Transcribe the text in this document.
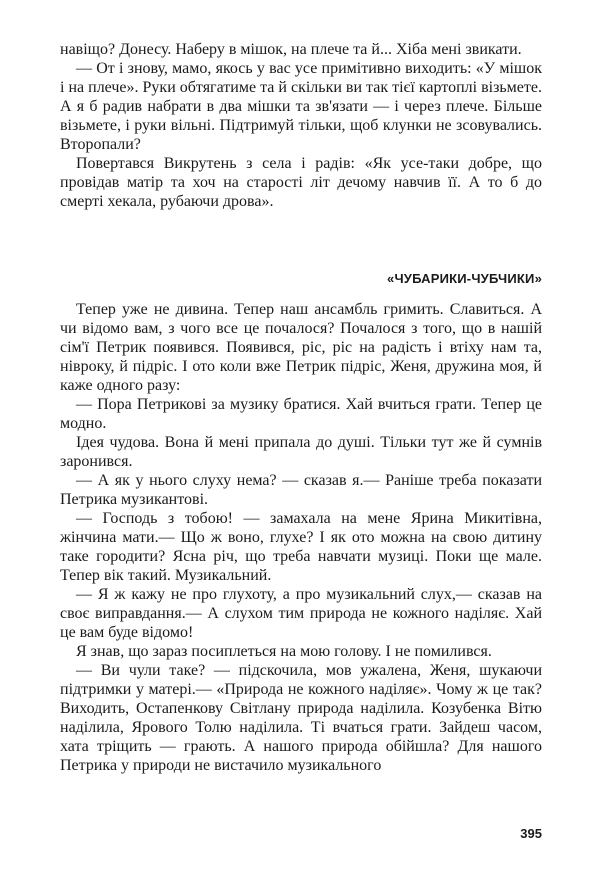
навіщо? Донесу. Наберу в мішок, на плече та й... Хіба мені звикати.

— От і знову, мамо, якось у вас усе примітивно виходить: «У мішок і на плече». Руки обтягатиме та й скільки ви так тієї картоплі візьмете. А я б радив набрати в два мішки та зв'язати — і через плече. Більше візьмете, і руки вільні. Підтримуй тільки, щоб клунки не зсовувались. Второпали?

Повертався Викрутень з села і радів: «Як усе-таки добре, що провідав матір та хоч на старості літ дечому навчив її. А то б до смерті хекала, рубаючи дрова».

«ЧУБАРИКИ-ЧУБЧИКИ»

Тепер уже не дивина. Тепер наш ансамбль гримить. Славиться. А чи відомо вам, з чого все це почалося? Почалося з того, що в нашій сім'ї Петрик появився. Появився, ріс, ріс на радість і втіху нам та, нівроку, й підріс. І ото коли вже Петрик підріс, Женя, дружина моя, й каже одного разу:

— Пора Петрикові за музику братися. Хай вчиться грати. Тепер це модно.

Ідея чудова. Вона й мені припала до душі. Тільки тут же й сумнів заронився.

— А як у нього слуху нема? — сказав я.— Раніше треба показати Петрика музикантові.

— Господь з тобою! — замахала на мене Ярина Микитівна, жінчина мати.— Що ж воно, глухе? І як ото можна на свою дитину таке городити? Ясна річ, що треба навчати музиці. Поки ще мале. Тепер вік такий. Музикальний.

— Я ж кажу не про глухоту, а про музикальний слух,— сказав на своє виправдання.— А слухом тим природа не кожного наділяє. Хай це вам буде відомо!

Я знав, що зараз посиплеться на мою голову. І не помилився.

— Ви чули таке? — підскочила, мов ужалена, Женя, шукаючи підтримки у матері.— «Природа не кожного наділяє». Чому ж це так? Виходить, Остапенкову Світлану природа наділила. Козубенка Вітю наділила, Ярового Толю наділила. Ті вчаться грати. Зайдеш часом, хата тріщить — грають. А нашого природа обійшла? Для нашого Петрика у природи не вистачило музикального

395
